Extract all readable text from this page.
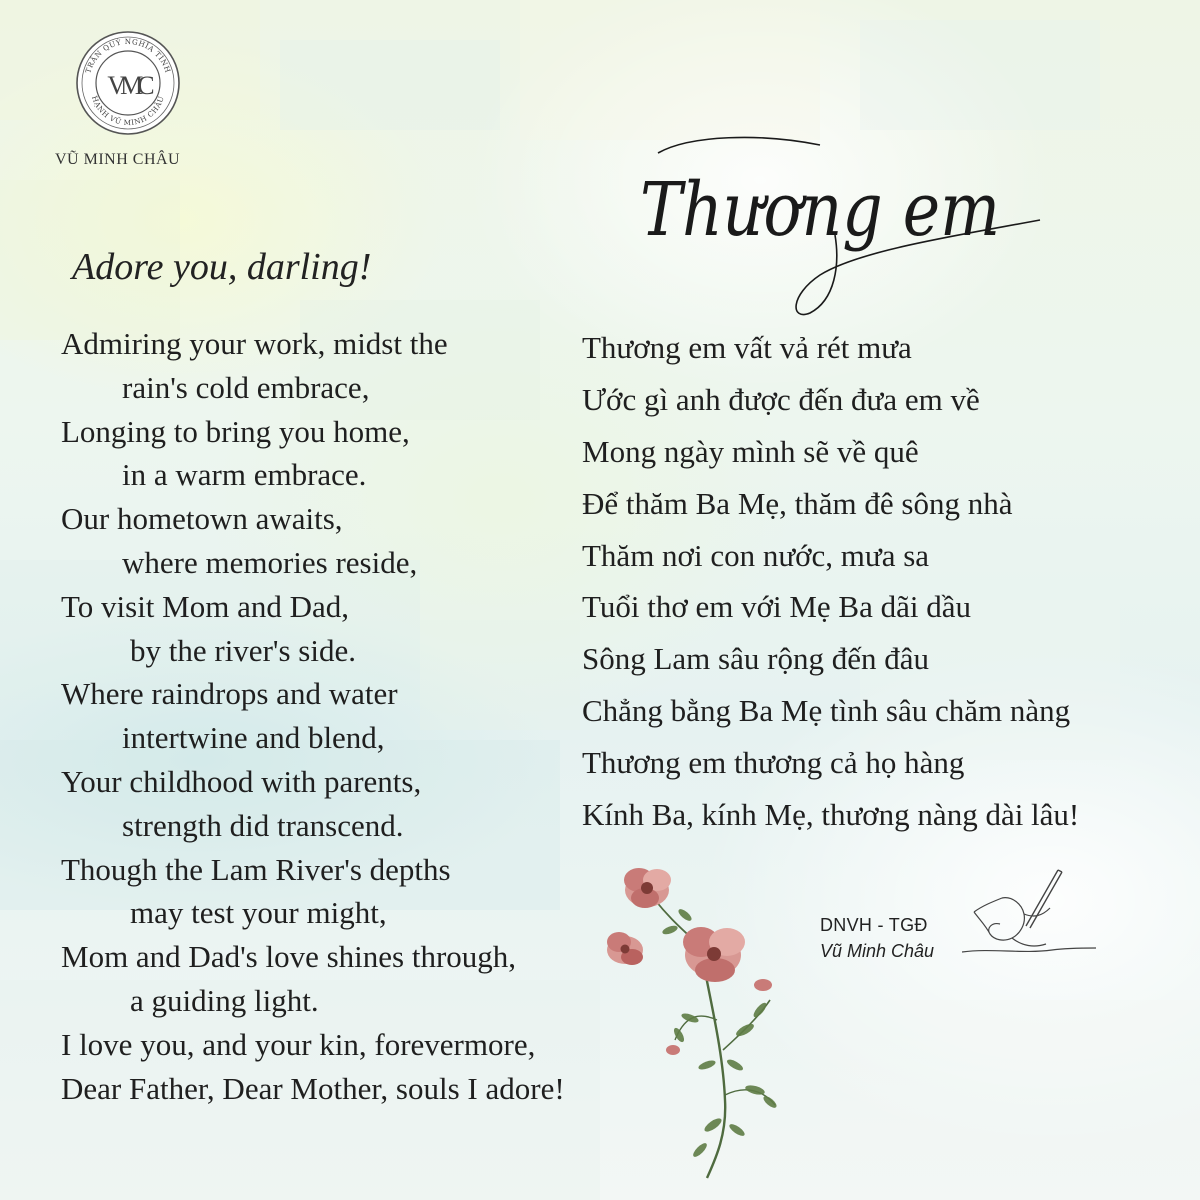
TRẦN QUÝ NGHĨA TÌNH
HẠNH VŨ MINH CHÂU
VMC
VŨ MINH CHÂU
Thương em
Adore you, darling!
Admiring your work, midst the
rain's cold embrace,
Longing to bring you home,
in a warm embrace.
Our hometown awaits,
where memories reside,
To visit Mom and Dad,
by the river's side.
Where raindrops and water
intertwine and blend,
Your childhood with parents,
strength did transcend.
Though the Lam River's depths
may test your might,
Mom and Dad's love shines through,
a guiding light.
I love you, and your kin, forevermore,
Dear Father, Dear Mother, souls I adore!
Thương em vất vả rét mưa
Ước gì anh được đến đưa em về
Mong ngày mình sẽ về quê
Để thăm Ba Mẹ, thăm đê sông nhà
Thăm nơi con nước, mưa sa
Tuổi thơ em với Mẹ Ba dãi dầu
Sông Lam sâu rộng đến đâu
Chẳng bằng Ba Mẹ tình sâu chăm nàng
Thương em thương cả họ hàng
Kính Ba, kính Mẹ, thương nàng dài lâu!
DNVH - TGĐ
Vũ Minh Châu
